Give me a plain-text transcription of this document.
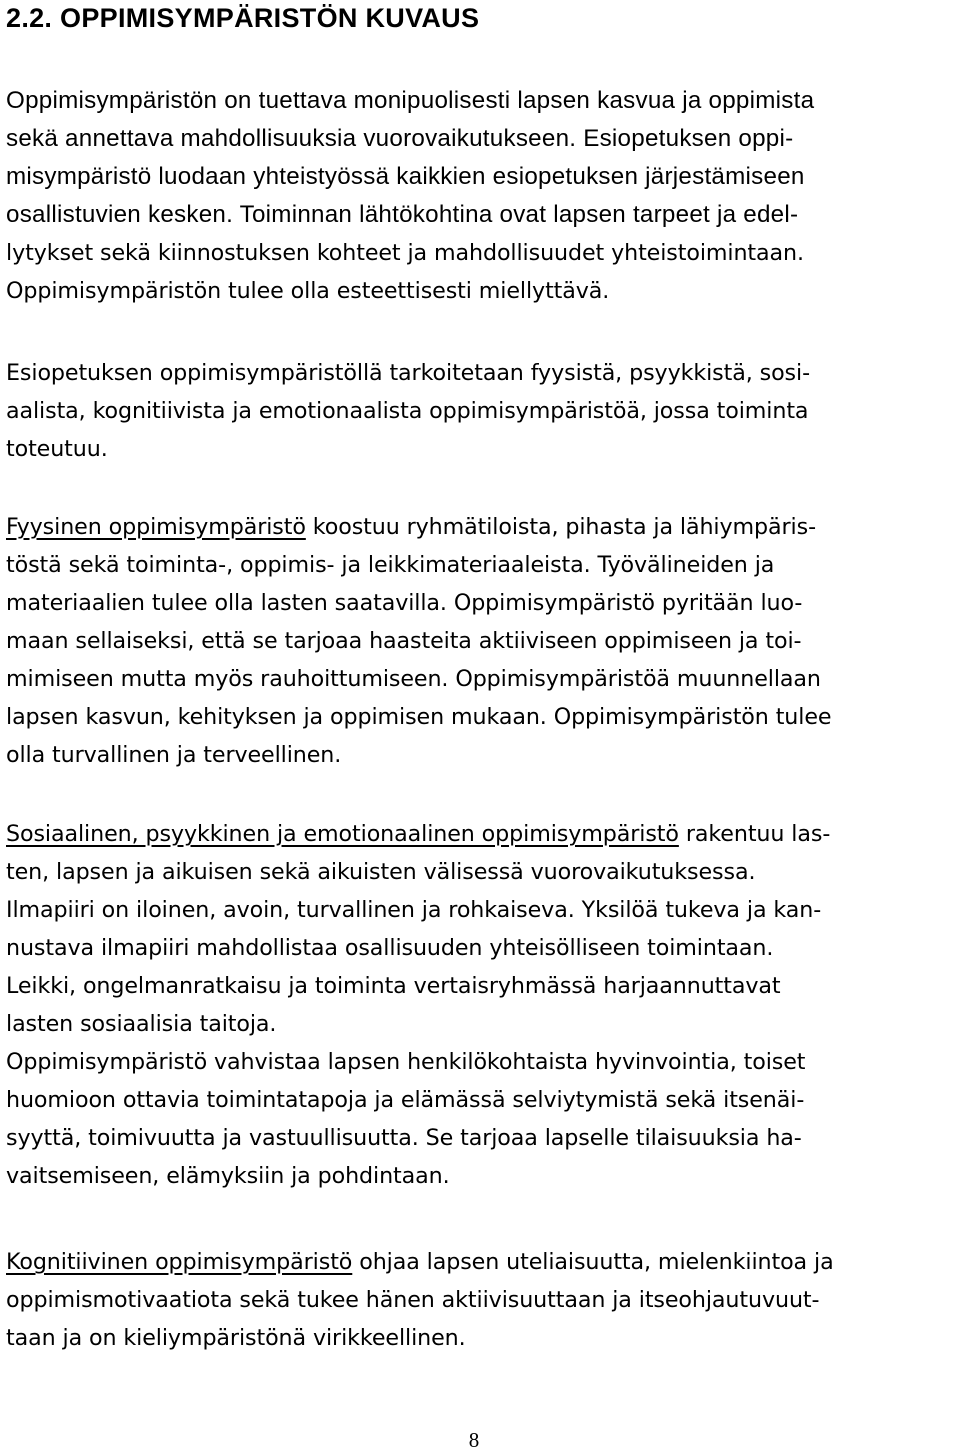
2.2. OPPIMISYMPÄRISTÖN KUVAUS
Oppimisympäristön on tuettava monipuolisesti lapsen kasvua ja oppimista
sekä annettava mahdollisuuksia vuorovaikutukseen. Esiopetuksen oppi-
misympäristö luodaan yhteistyössä kaikkien esiopetuksen järjestämiseen
osallistuvien kesken. Toiminnan lähtökohtina ovat lapsen tarpeet ja edel-
lytykset sekä kiinnostuksen kohteet ja mahdollisuudet yhteistoimintaan.
Oppimisympäristön tulee olla esteettisesti miellyttävä.
Esiopetuksen oppimisympäristöllä tarkoitetaan fyysistä, psyykkistä, sosi-
aalista, kognitiivista ja emotionaalista oppimisympäristöä, jossa toiminta
toteutuu.
Fyysinen oppimisympäristö koostuu ryhmätiloista, pihasta ja lähiympäris-
töstä sekä toiminta-, oppimis- ja leikkimateriaaleista. Työvälineiden ja
materiaalien tulee olla lasten saatavilla. Oppimisympäristö pyritään luo-
maan sellaiseksi, että se tarjoaa haasteita aktiiviseen oppimiseen ja toi-
mimiseen mutta myös rauhoittumiseen. Oppimisympäristöä muunnellaan
lapsen kasvun, kehityksen ja oppimisen mukaan. Oppimisympäristön tulee
olla turvallinen ja terveellinen.
Sosiaalinen, psyykkinen ja emotionaalinen oppimisympäristö rakentuu las-
ten, lapsen ja aikuisen sekä aikuisten välisessä vuorovaikutuksessa.
Ilmapiiri on iloinen, avoin, turvallinen ja rohkaiseva. Yksilöä tukeva ja kan-
nustava ilmapiiri mahdollistaa osallisuuden yhteisölliseen toimintaan.
Leikki, ongelmanratkaisu ja toiminta vertaisryhmässä harjaannuttavat
lasten sosiaalisia taitoja.
Oppimisympäristö vahvistaa lapsen henkilökohtaista hyvinvointia, toiset
huomioon ottavia toimintatapoja ja elämässä selviytymistä sekä itsenäi-
syyttä, toimivuutta ja vastuullisuutta. Se tarjoaa lapselle tilaisuuksia ha-
vaitsemiseen, elämyksiin ja pohdintaan.
Kognitiivinen oppimisympäristö ohjaa lapsen uteliaisuutta, mielenkiintoa ja
oppimismotivaatiota sekä tukee hänen aktiivisuuttaan ja itseohjautuvuut-
taan ja on kieliympäristönä virikkeellinen.
8
